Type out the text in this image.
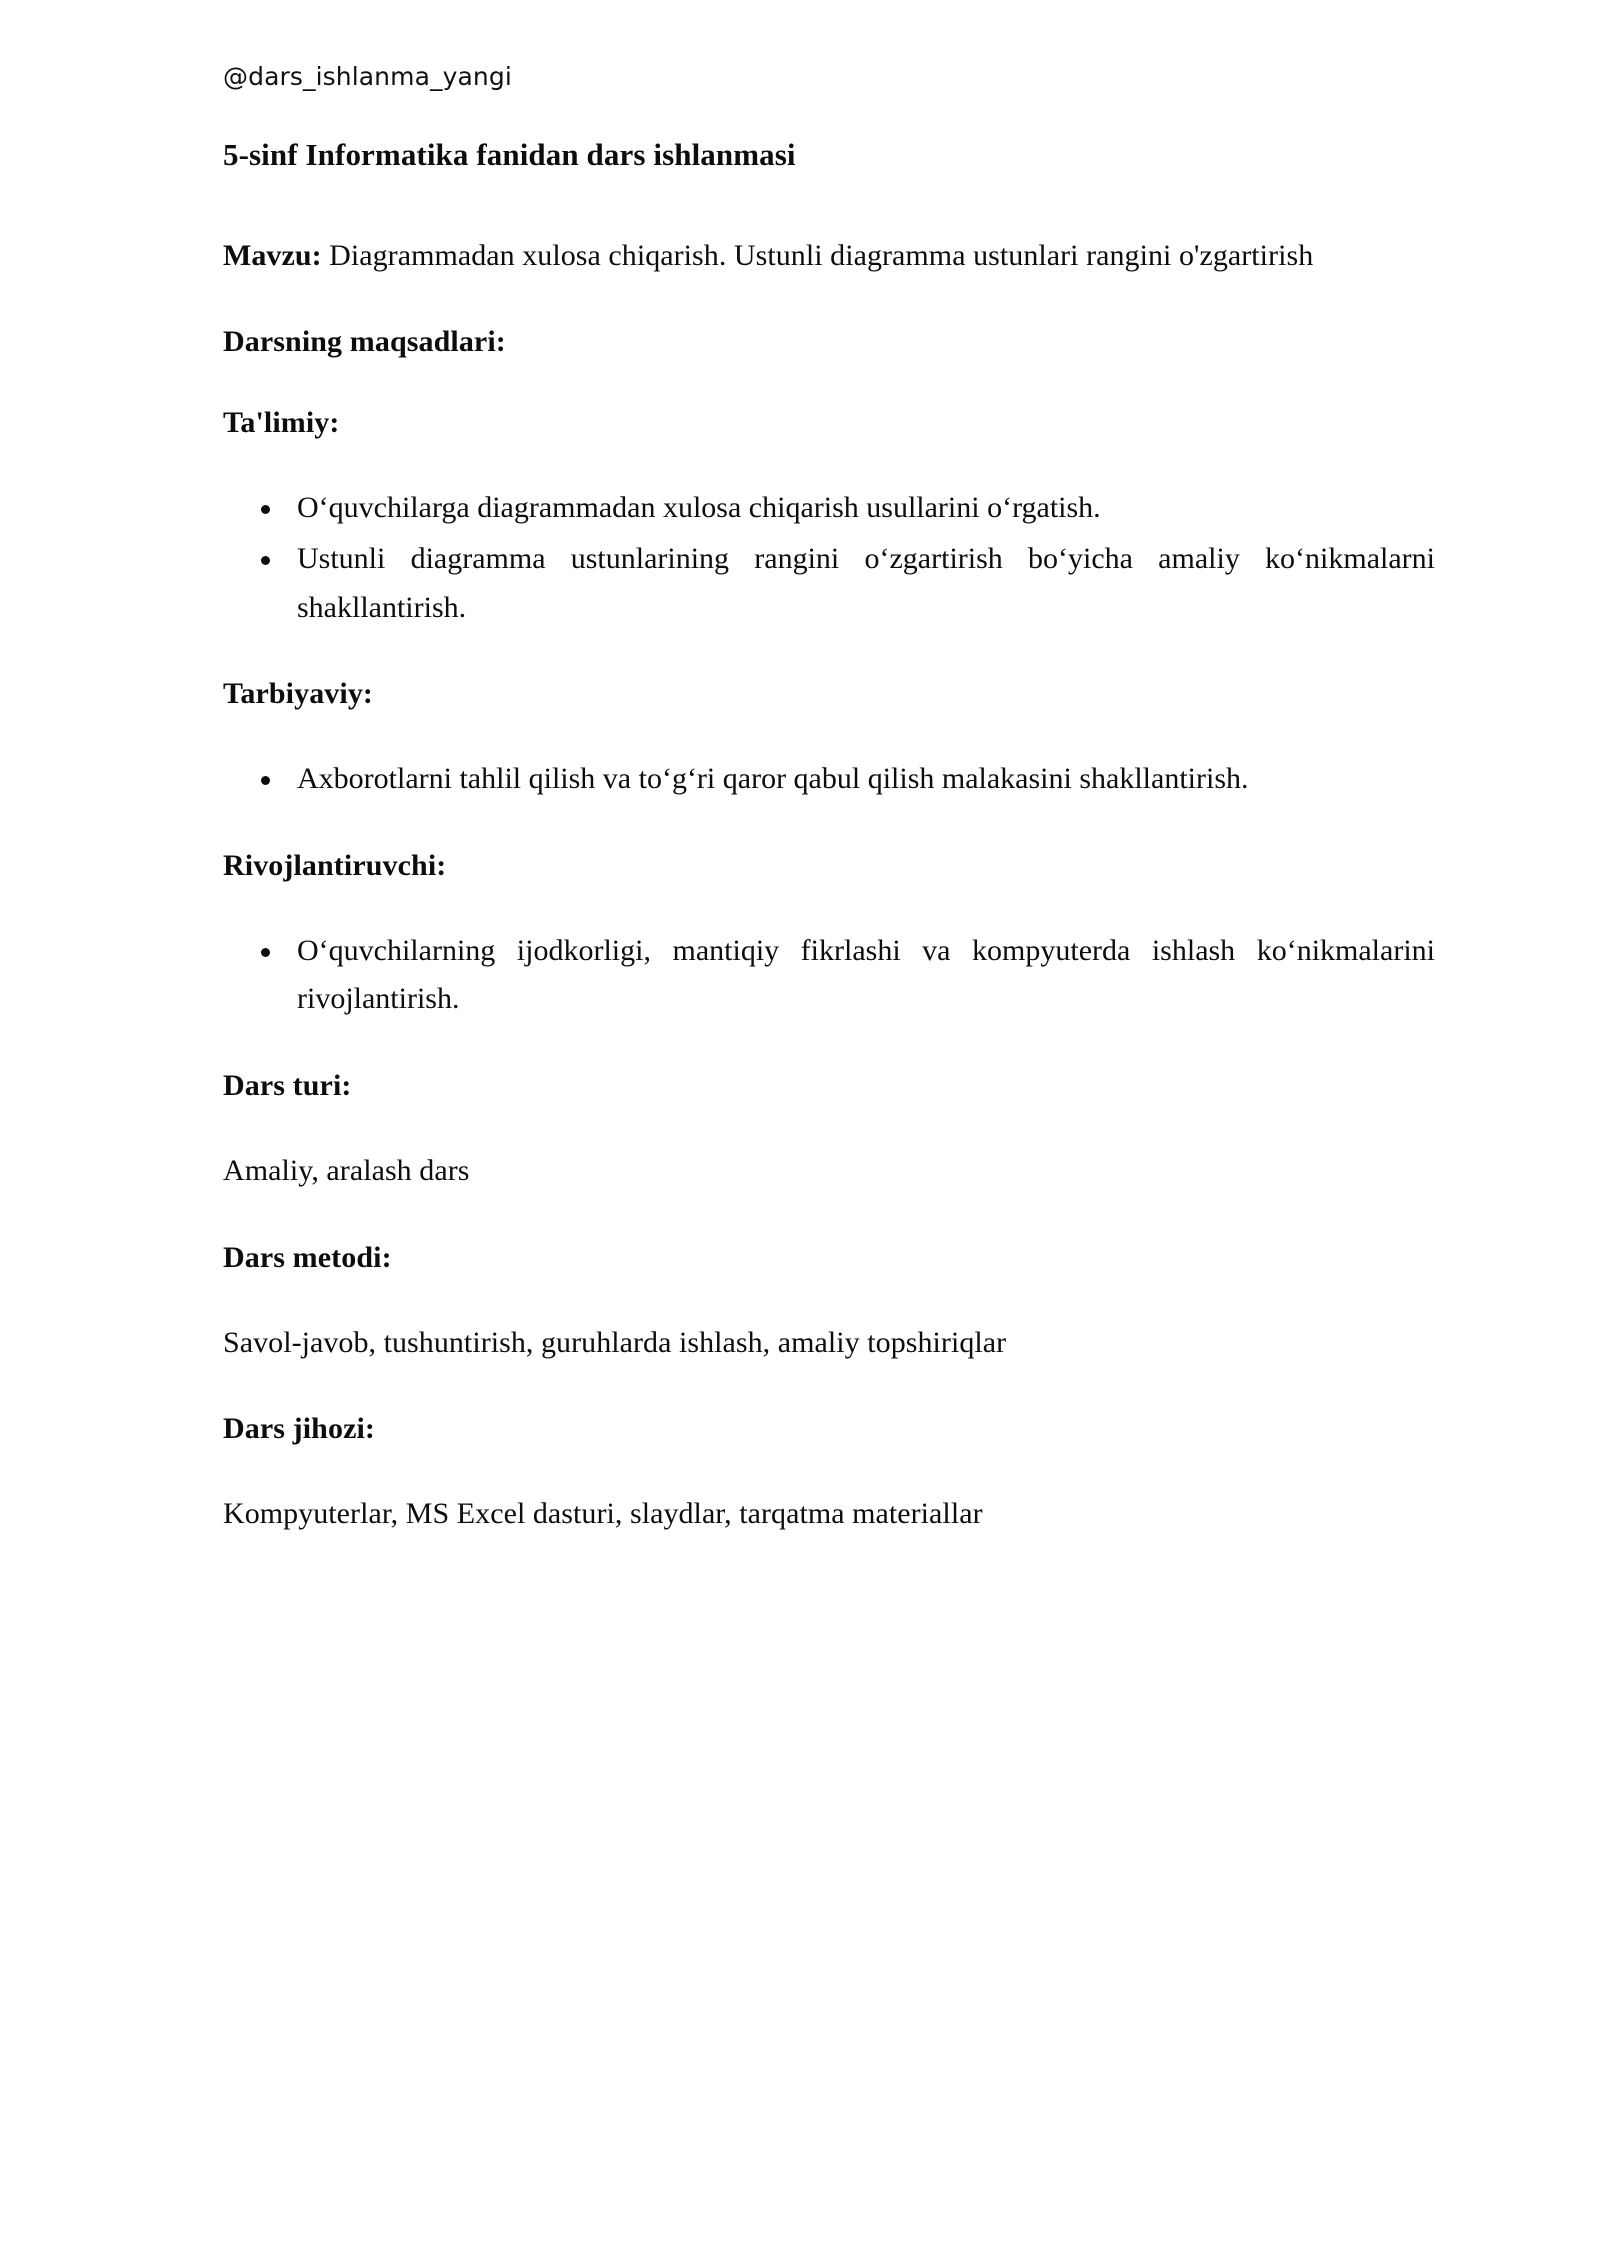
@dars_ishlanma_yangi
5-sinf Informatika fanidan dars ishlanmasi

Mavzu: Diagrammadan xulosa chiqarish. Ustunli diagramma ustunlari rangini o'zgartirish

Darsning maqsadlari:
Ta'limiy:
O‘quvchilarga diagrammadan xulosa chiqarish usullarini o‘rgatish.
Ustunli diagramma ustunlarining rangini o‘zgartirish bo‘yicha amaliy ko‘nikmalarni shakllantirish.
Tarbiyaviy:
Axborotlarni tahlil qilish va to‘g‘ri qaror qabul qilish malakasini shakllantirish.
Rivojlantiruvchi:
O‘quvchilarning ijodkorligi, mantiqiy fikrlashi va kompyuterda ishlash ko‘nikmalarini rivojlantirish.
Dars turi:

Amaliy, aralash dars

Dars metodi:

Savol-javob, tushuntirish, guruhlarda ishlash, amaliy topshiriqlar

Dars jihozi:

Kompyuterlar, MS Excel dasturi, slaydlar, tarqatma materiallar
